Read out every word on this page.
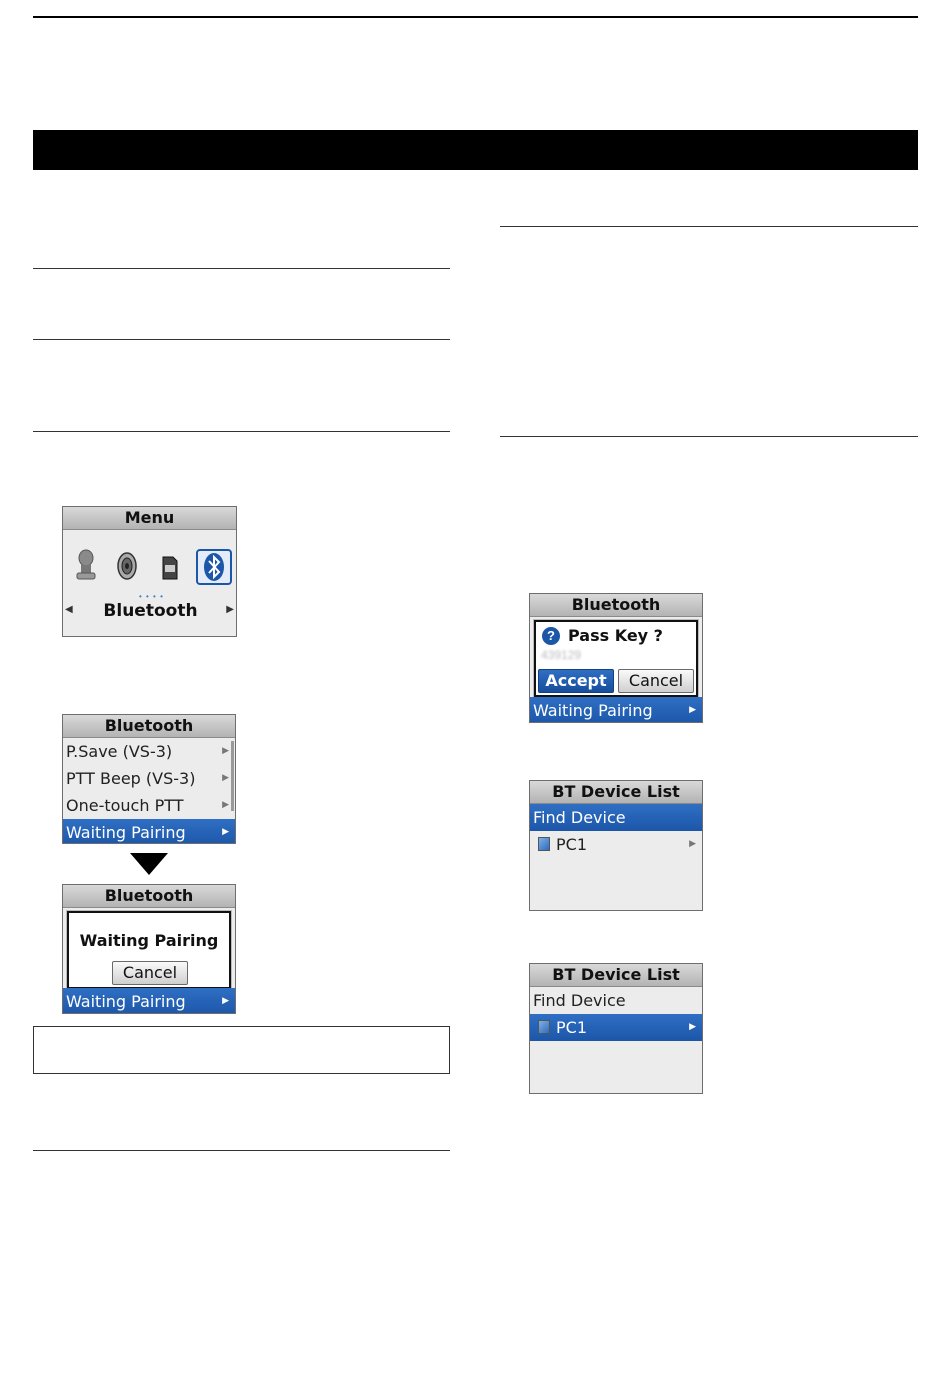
Menu
• • • •
◀	Bluetooth	▶
Bluetooth
P.Save (VS-3)	▶
PTT Beep (VS-3)	▶
One-touch PTT	▶
Waiting Pairing	▶
Bluetooth
Waiting Pairing
Cancel
Waiting Pairing	▶
Bluetooth
? Pass Key ?
439129
Accept	Cancel
Waiting Pairing	▶
BT Device List
Find Device
PC1	▶
BT Device List
Find Device
PC1	▶
